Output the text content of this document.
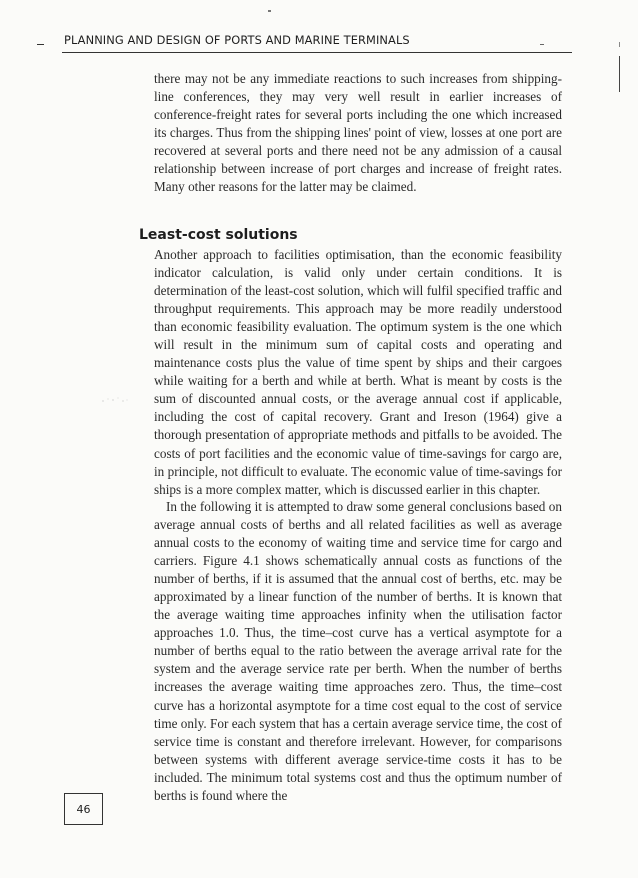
PLANNING AND DESIGN OF PORTS AND MARINE TERMINALS

there may not be any immediate reactions to such increases from shipping-line conferences, they may very well result in earlier increases of conference-freight rates for several ports including the one which increased its charges. Thus from the shipping lines' point of view, losses at one port are recovered at several ports and there need not be any admission of a causal relationship between increase of port charges and increase of freight rates. Many other reasons for the latter may be claimed.

Least-cost solutions

Another approach to facilities optimisation, than the economic feasibility indicator calculation, is valid only under certain conditions. It is determination of the least-cost solution, which will fulfil specified traffic and throughput requirements. This approach may be more readily understood than economic feasibility evaluation. The optimum system is the one which will result in the minimum sum of capital costs and operating and maintenance costs plus the value of time spent by ships and their cargoes while waiting for a berth and while at berth. What is meant by costs is the sum of discounted annual costs, or the average annual cost if applicable, including the cost of capital recovery. Grant and Ireson (1964) give a thorough presentation of appropriate methods and pitfalls to be avoided. The costs of port facilities and the economic value of time-savings for cargo are, in principle, not difficult to evaluate. The economic value of time-savings for ships is a more complex matter, which is discussed earlier in this chapter.

In the following it is attempted to draw some general conclusions based on average annual costs of berths and all related facilities as well as average annual costs to the economy of waiting time and service time for cargo and carriers. Figure 4.1 shows schematically annual costs as functions of the number of berths, if it is assumed that the annual cost of berths, etc. may be approximated by a linear function of the number of berths. It is known that the average waiting time approaches infinity when the utilisation factor approaches 1.0. Thus, the time–cost curve has a vertical asymptote for a number of berths equal to the ratio between the average arrival rate for the system and the average service rate per berth. When the number of berths increases the average waiting time approaches zero. Thus, the time–cost curve has a horizontal asymptote for a time cost equal to the cost of service time only. For each system that has a certain average service time, the cost of service time is constant and therefore irrelevant. However, for comparisons between systems with different average service-time costs it has to be included. The minimum total systems cost and thus the optimum number of berths is found where the

46
